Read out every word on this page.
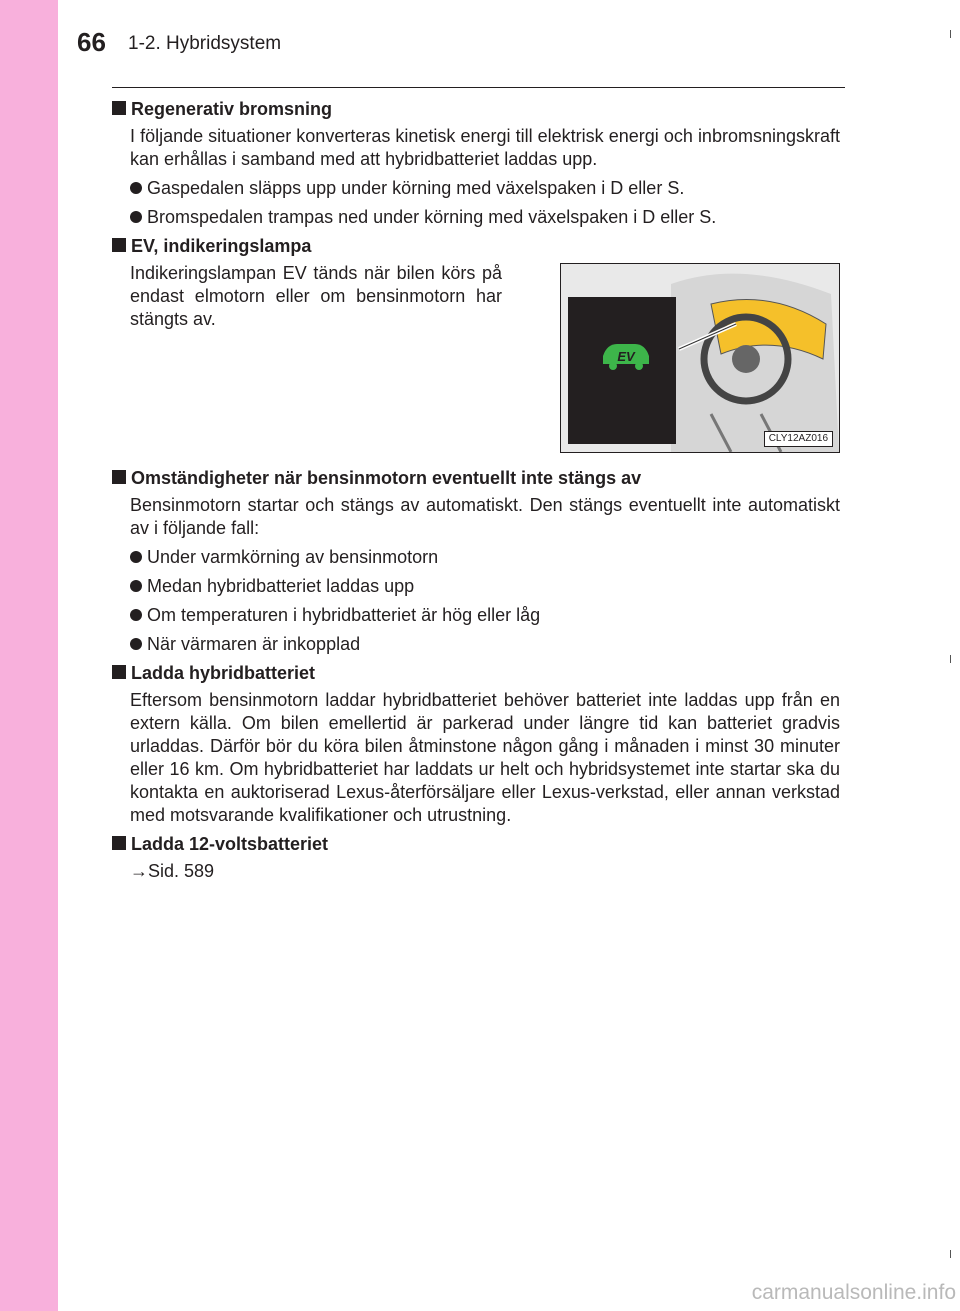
66 1-2. Hybridsystem
Regenerativ bromsning
I följande situationer konverteras kinetisk energi till elektrisk energi och inbromsningskraft kan erhållas i samband med att hybridbatteriet laddas upp.
Gaspedalen släpps upp under körning med växelspaken i D eller S.
Bromspedalen trampas ned under körning med växelspaken i D eller S.
EV, indikeringslampa
Indikeringslampan EV tänds när bilen körs på endast elmotorn eller om bensinmotorn har stängts av.
EV
CLY12AZ016
Omständigheter när bensinmotorn eventuellt inte stängs av
Bensinmotorn startar och stängs av automatiskt. Den stängs eventuellt inte automatiskt av i följande fall:
Under varmkörning av bensinmotorn
Medan hybridbatteriet laddas upp
Om temperaturen i hybridbatteriet är hög eller låg
När värmaren är inkopplad
Ladda hybridbatteriet
Eftersom bensinmotorn laddar hybridbatteriet behöver batteriet inte laddas upp från en extern källa. Om bilen emellertid är parkerad under längre tid kan batteriet gradvis urladdas. Därför bör du köra bilen åtminstone någon gång i månaden i minst 30 minuter eller 16 km. Om hybridbatteriet har laddats ur helt och hybridsystemet inte startar ska du kontakta en auktoriserad Lexus-återförsäljare eller Lexus-verkstad, eller annan verkstad med motsvarande kvalifikationer och utrustning.
Ladda 12-voltsbatteriet
→Sid. 589
carmanualsonline.info
